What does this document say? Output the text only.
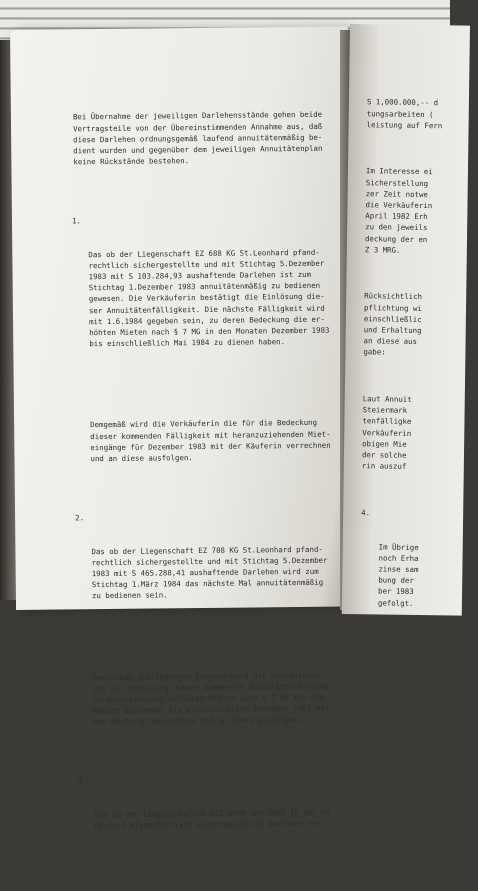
Bei Übernahme der jeweiligen Darlehensstände gehen beide
Vertragsteile von der Übereinstimmenden Annahme aus, daß
diese Darlehen ordnungsgemäß laufend annuitätenmäßig be-
dient wurden und gegenüber dem jeweiligen Annuitätenplan
keine Rückstände bestehen.

1.

Das ob der Liegenschaft EZ 688 KG St.Leonhard pfand-
rechtlich sichergestellte und mit Stichtag 5.Dezember
1983 mit S 103.284,93 aushaftende Darlehen ist zum
Stichtag 1.Dezember 1983 annuitätenmäßig zu bedienen
gewesen. Die Verkäuferin bestätigt die Einlösung die-
ser Annuitätenfälligkeit. Die nächste Fälligkeit wird
mit 1.6.1984 gegeben sein, zu deren Bedeckung die er-
höhten Mieten nach § 7 MG in den Monaten Dezember 1983
bis einschließlich Mai 1984 zu dienen haben.

Demgemäß wird die Verkäuferin die für die Bedeckung
dieser kommenden Fälligkeit mit heranzuziehenden Miet-
eingänge für Dezember 1983 mit der Käuferin verrechnen
und an diese ausfolgen.

2.

Das ob der Liegenschaft EZ 708 KG St.Leonhard pfand-
rechtlich sichergestellte und mit Stichtag 5.Dezember
1983 mit S 465.288,41 aushaftende Darlehen wird zum
Stichtag 1.März 1984 das nächste Mal annuitätenmäßig
zu bedienen sein.

Denselben Überlegungen folgend wird die Verkäuferin
die zur Bedeckung dieser kommenden Annuitätenleistung
heranzuziehenden erhöhten Mieten nach § 7 MG für die
Monate September bis einschließlich Dezember 1983 mit
der Käuferin verrechnen und an diese ausfolgen.

3.

Das ob den Liegenschaften EZZ 1498 und 1501 je der KG
Geidorf pfandrechtlich sichergestellte Darlehen von

S 1,000.000,-- d
tungsarbeiten (
leistung auf Fern

Im Interesse ei
Sicherstellung
zer Zeit notwe
die Verkäuferin
April 1982 Erh
zu den jeweils
deckung der en
Z 3 MRG.

Rücksichtlich
pflichtung wi
einschließlic
und Erhaltung
an diese aus
gabe:

Laut Annuit
Steiermark
tenfälligke
Verkäuferin
obigen Mie
der solche
rin auszuf

4.

Im Übrige
noch Erha
zinse sam
bung der
ber 1983
gefolgt.
